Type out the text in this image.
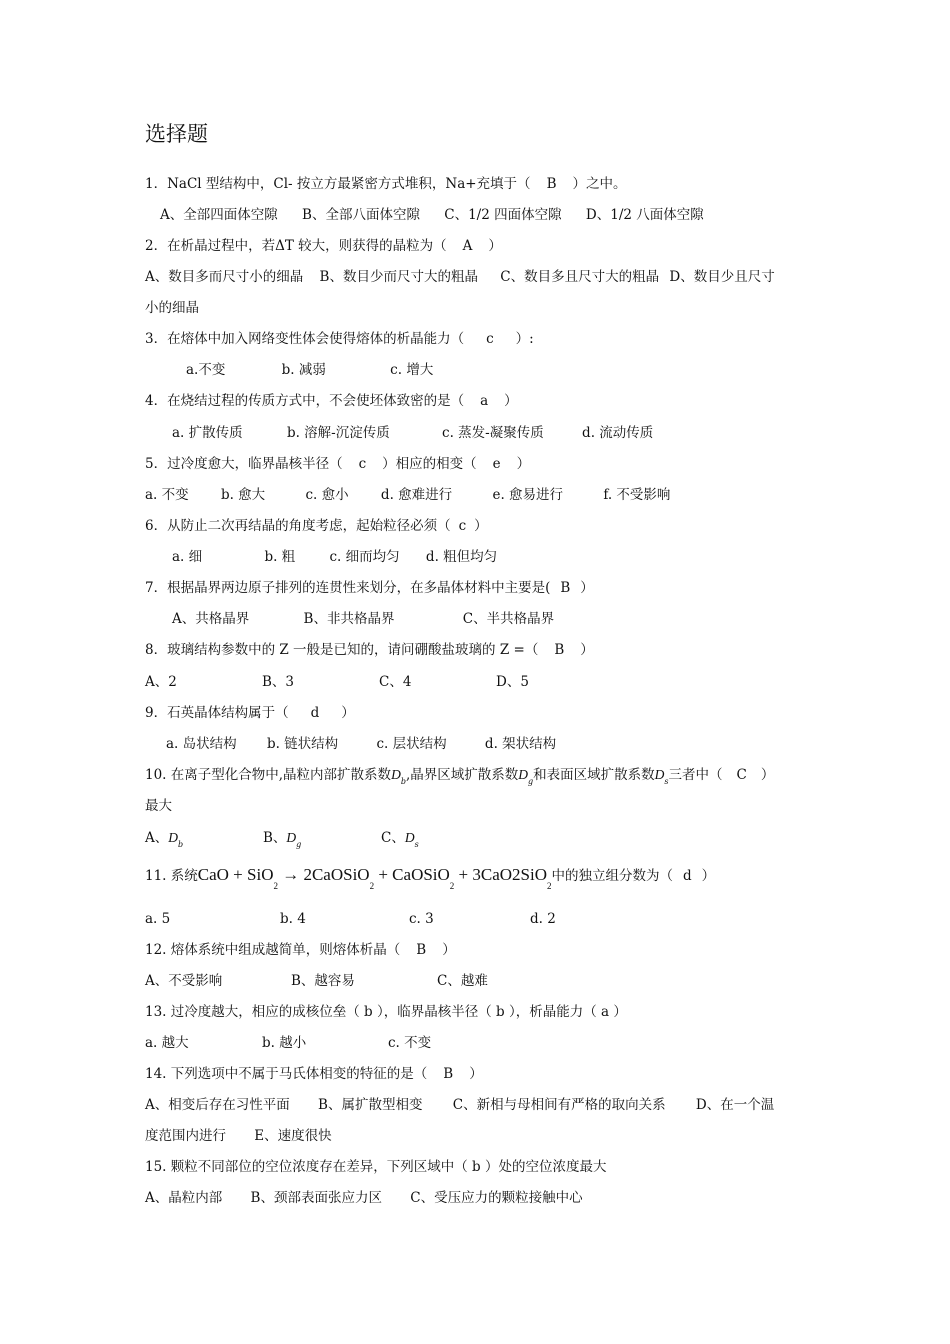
选择题
1．NaCl 型结构中，Cl- 按立方最紧密方式堆积，Na+充填于（ B ）之中。
A、全部四面体空隙 B、全部八面体空隙 C、1/2 四面体空隙 D、1/2 八面体空隙
2．在析晶过程中，若ΔT 较大，则获得的晶粒为（ A ）
A、数目多而尺寸小的细晶 B、数目少而尺寸大的粗晶 C、数目多且尺寸大的粗晶 D、数目少且尺寸
小的细晶
3．在熔体中加入网络变性体会使得熔体的析晶能力（ c ）:
a.不变	b. 减弱	c. 增大
4．在烧结过程的传质方式中，不会使坯体致密的是（ a ）
a. 扩散传质	b. 溶解-沉淀传质	c. 蒸发-凝聚传质	d. 流动传质
5．过冷度愈大，临界晶核半径（ c ）相应的相变（ e ）
a. 不变 b. 愈大	c. 愈小 d. 愈难进行	e. 愈易进行	f. 不受影响
6．从防止二次再结晶的角度考虑，起始粒径必须（ c ）
a. 细	b. 粗	c. 细而均匀 d. 粗但均匀
7．根据晶界两边原子排列的连贯性来划分，在多晶体材料中主要是( B ）
A、共格晶界	B、非共格晶界	C、半共格晶界
8．玻璃结构参数中的 Z 一般是已知的，请问硼酸盐玻璃的 Z =（ B ）
A、2	B、3	C、4	D、5
9．石英晶体结构属于（ d ）
a. 岛状结构 b. 链状结构	c. 层状结构	d. 架状结构
10. 在离子型化合物中,晶粒内部扩散系数$D_b$,晶界区域扩散系数$D_g$和表面区域扩散系数$D_s$三者中（ C ）
最大
A、$D_b$	B、$D_g$	C、$D_s$
11. 系统CaO + SiO$_2$ → 2CaOSiO$_2$ + CaOSiO$_2$ + 3CaO2SiO$_2$中的独立组分数为（ d ）
a. 5	b. 4	c. 3	d. 2
12. 熔体系统中组成越简单，则熔体析晶（ B ）
A、不受影响	B、越容易	C、越难
13. 过冷度越大，相应的成核位垒（ b ），临界晶核半径（ b ），析晶能力（ a ）
a. 越大	b. 越小	c. 不变
14. 下列选项中不属于马氏体相变的特征的是（ B ）
A、相变后存在习性平面 B、属扩散型相变 C、新相与母相间有严格的取向关系 D、在一个温
度范围内进行 E、速度很快
15. 颗粒不同部位的空位浓度存在差异，下列区域中（ b ）处的空位浓度最大
A、晶粒内部 B、颈部表面张应力区 C、受压应力的颗粒接触中心
